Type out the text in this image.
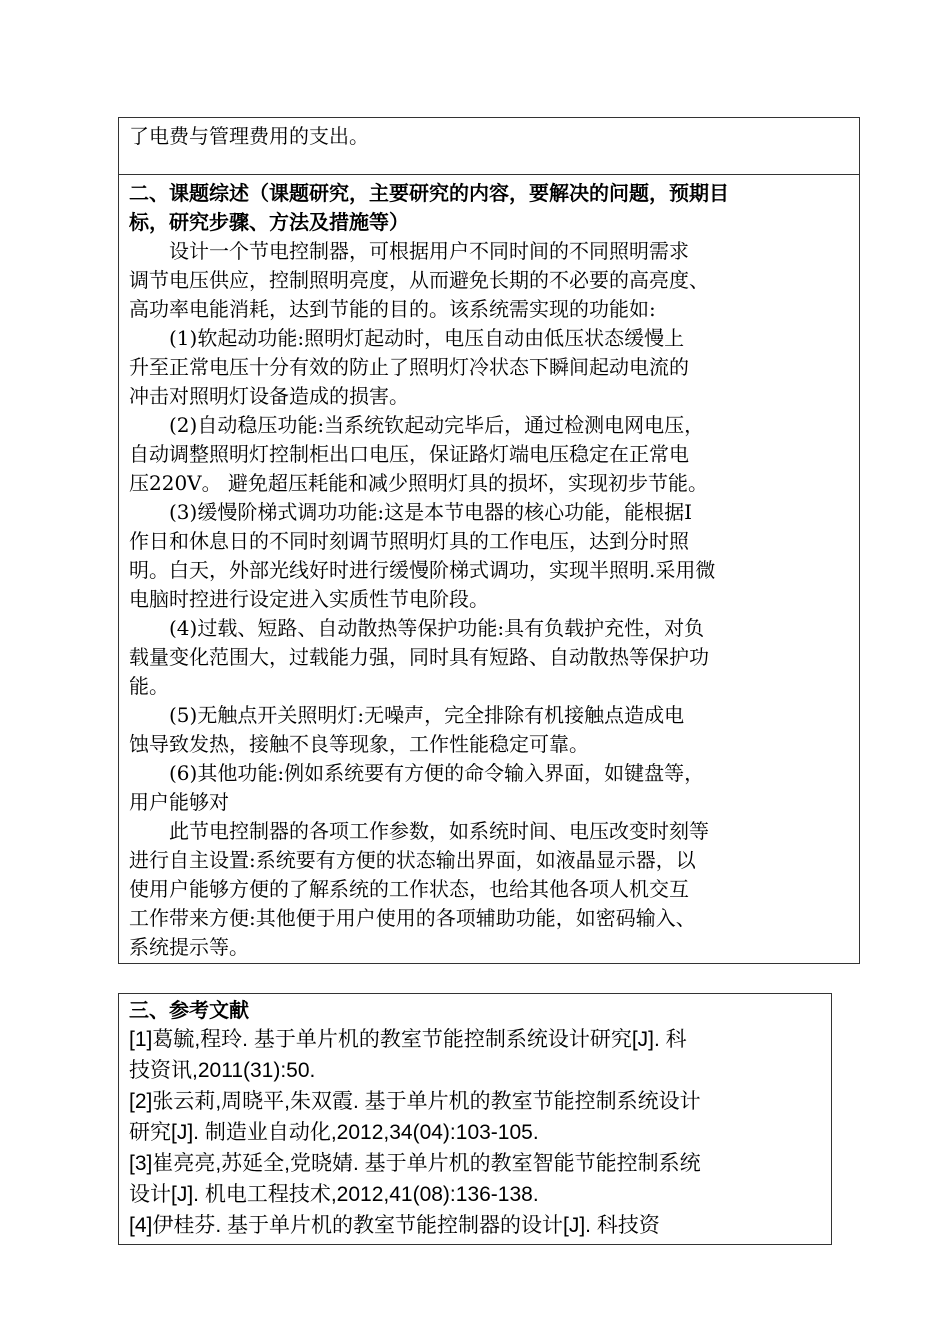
了电费与管理费用的支出。
二、课题综述（课题研究，主要研究的内容，要解决的问题，预期目
标，研究步骤、方法及措施等）
　　设计一个节电控制器，可根据用户不同时间的不同照明需求
调节电压供应，控制照明亮度，从而避免长期的不必要的高亮度、
高功率电能消耗，达到节能的目的。该系统需实现的功能如:
　　(1)软起动功能:照明灯起动时，电压自动由低压状态缓慢上
升至正常电压十分有效的防止了照明灯冷状态下瞬间起动电流的
冲击对照明灯设备造成的损害。
　　(2)自动稳压功能:当系统钦起动完毕后，通过检测电网电压，
自动调整照明灯控制柜出口电压，保证路灯端电压稳定在正常电
压220V。 避免超压耗能和减少照明灯具的损坏，实现初步节能。
　　(3)缓慢阶梯式调功功能:这是本节电器的核心功能，能根据I
作日和休息日的不同时刻调节照明灯具的工作电压，达到分时照
明。白天，外部光线好时进行缓慢阶梯式调功，实现半照明.采用微
电脑时控进行设定进入实质性节电阶段。
　　(4)过载、短路、自动散热等保护功能:具有负载护充性，对负
载量变化范围大，过载能力强，同时具有短路、自动散热等保护功
能。
　　(5)无触点开关照明灯:无噪声，完全排除有机接触点造成电
蚀导致发热，接触不良等现象，工作性能稳定可靠。
　　(6)其他功能:例如系统要有方便的命令输入界面，如键盘等，
用户能够对
　　此节电控制器的各项工作参数，如系统时间、电压改变时刻等
进行自主设置:系统要有方便的状态输出界面，如液晶显示器，以
使用户能够方便的了解系统的工作状态，也给其他各项人机交互
工作带来方便:其他便于用户使用的各项辅助功能，如密码输入、
系统提示等。
三、参考文献
[1]葛毓,程玲. 基于单片机的教室节能控制系统设计研究[J]. 科
技资讯,2011(31):50.
[2]张云莉,周晓平,朱双霞. 基于单片机的教室节能控制系统设计
研究[J]. 制造业自动化,2012,34(04):103-105.
[3]崔亮亮,苏延全,党晓婧. 基于单片机的教室智能节能控制系统
设计[J]. 机电工程技术,2012,41(08):136-138.
[4]伊桂芬. 基于单片机的教室节能控制器的设计[J]. 科技资
